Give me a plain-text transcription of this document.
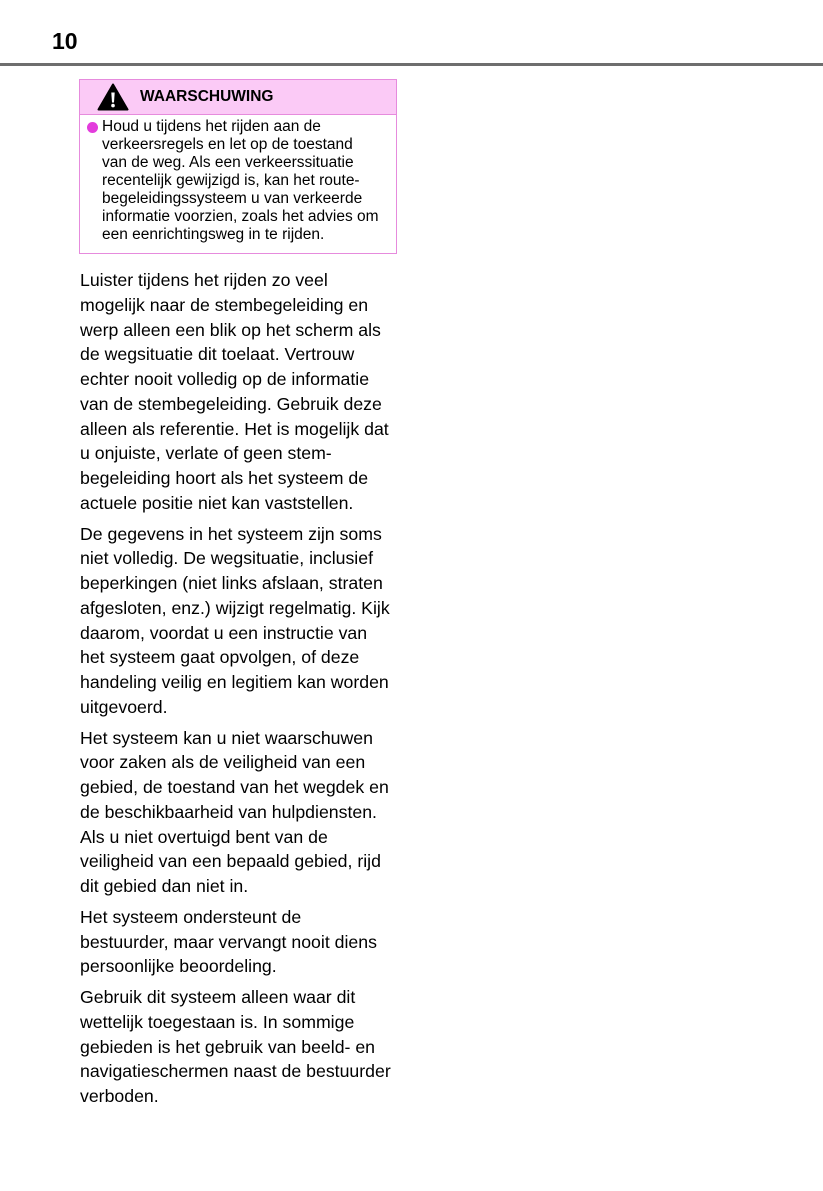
10
WAARSCHUWING
Houd u tijdens het rijden aan de
verkeersregels en let op de toestand
van de weg. Als een verkeerssituatie
recentelijk gewijzigd is, kan het route-
begeleidingssysteem u van verkeerde
informatie voorzien, zoals het advies om
een eenrichtingsweg in te rijden.
Luister tijdens het rijden zo veel
mogelijk naar de stembegeleiding en
werp alleen een blik op het scherm als
de wegsituatie dit toelaat. Vertrouw
echter nooit volledig op de informatie
van de stembegeleiding. Gebruik deze
alleen als referentie. Het is mogelijk dat
u onjuiste, verlate of geen stem-
begeleiding hoort als het systeem de
actuele positie niet kan vaststellen.
De gegevens in het systeem zijn soms
niet volledig. De wegsituatie, inclusief
beperkingen (niet links afslaan, straten
afgesloten, enz.) wijzigt regelmatig. Kijk
daarom, voordat u een instructie van
het systeem gaat opvolgen, of deze
handeling veilig en legitiem kan worden
uitgevoerd.
Het systeem kan u niet waarschuwen
voor zaken als de veiligheid van een
gebied, de toestand van het wegdek en
de beschikbaarheid van hulpdiensten.
Als u niet overtuigd bent van de
veiligheid van een bepaald gebied, rijd
dit gebied dan niet in.
Het systeem ondersteunt de
bestuurder, maar vervangt nooit diens
persoonlijke beoordeling.
Gebruik dit systeem alleen waar dit
wettelijk toegestaan is. In sommige
gebieden is het gebruik van beeld- en
navigatieschermen naast de bestuurder
verboden.
